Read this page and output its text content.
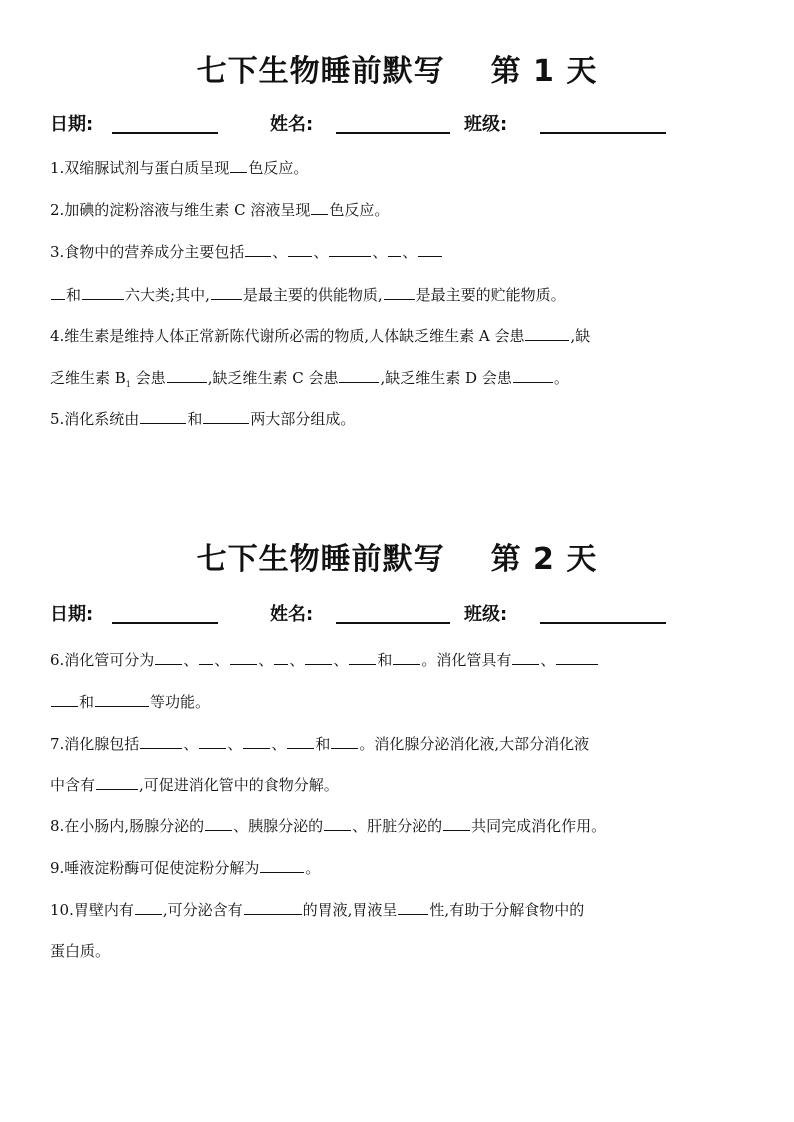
七下生物睡前默写 第 1 天
日期:	姓名:	班级:
1.双缩脲试剂与蛋白质呈现 色反应。
2.加碘的淀粉溶液与维生素 C 溶液呈现 色反应。
3.食物中的营养成分主要包括 、 、	、 、
和	六大类;其中, 是最主要的供能物质, 是最主要的贮能物质。
4.维生素是维持人体正常新陈代谢所必需的物质,人体缺乏维生素 A 会患	,缺
乏维生素 $B_1$ 会患	,缺乏维生素 C 会患	,缺乏维生素 D 会患	。
5.消化系统由	和	两大部分组成。
七下生物睡前默写 第 2 天
日期:	姓名:	班级:
6.消化管可分为 、 、 、 、 、 和 。消化管具有 、
和	等功能。
7.消化腺包括	、 、 、 和 。消化腺分泌消化液,大部分消化液
中含有	,可促进消化管中的食物分解。
8.在小肠内,肠腺分泌的 、胰腺分泌的 、肝脏分泌的 共同完成消化作用。
9.唾液淀粉酶可促使淀粉分解为	。
10.胃壁内有 ,可分泌含有	的胃液,胃液呈 性,有助于分解食物中的
蛋白质。
